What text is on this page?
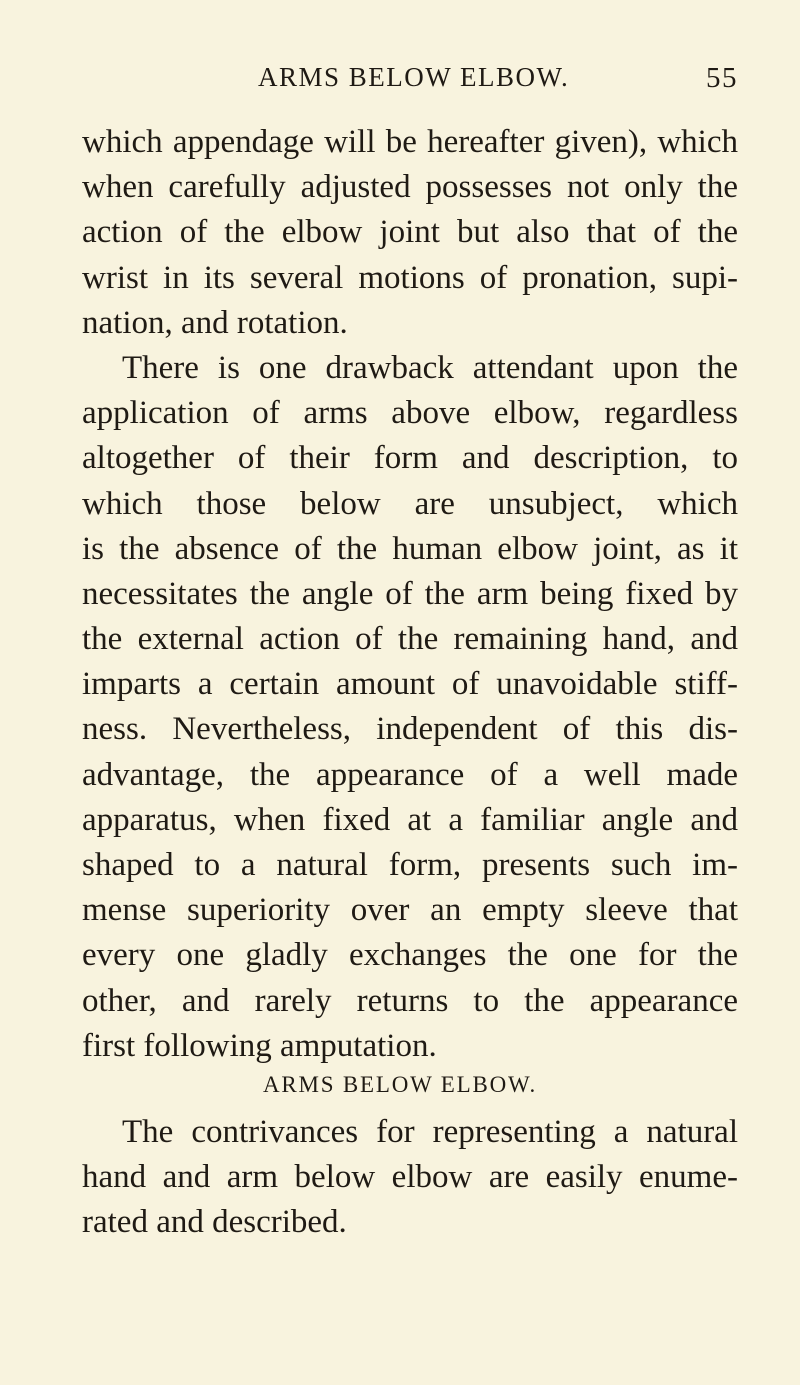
ARMS BELOW ELBOW.	55
which appendage will be hereafter given), which
when carefully adjusted possesses not only the
action of the elbow joint but also that of the
wrist in its several motions of pronation, supi-
nation, and rotation.
There is one drawback attendant upon the
application of arms above elbow, regardless
altogether of their form and description, to
which those below are unsubject, which
is the absence of the human elbow joint, as it
necessitates the angle of the arm being fixed by
the external action of the remaining hand, and
imparts a certain amount of unavoidable stiff-
ness. Nevertheless, independent of this dis-
advantage, the appearance of a well made
apparatus, when fixed at a familiar angle and
shaped to a natural form, presents such im-
mense superiority over an empty sleeve that
every one gladly exchanges the one for the
other, and rarely returns to the appearance
first following amputation.
ARMS BELOW ELBOW.
The contrivances for representing a natural
hand and arm below elbow are easily enume-
rated and described.
